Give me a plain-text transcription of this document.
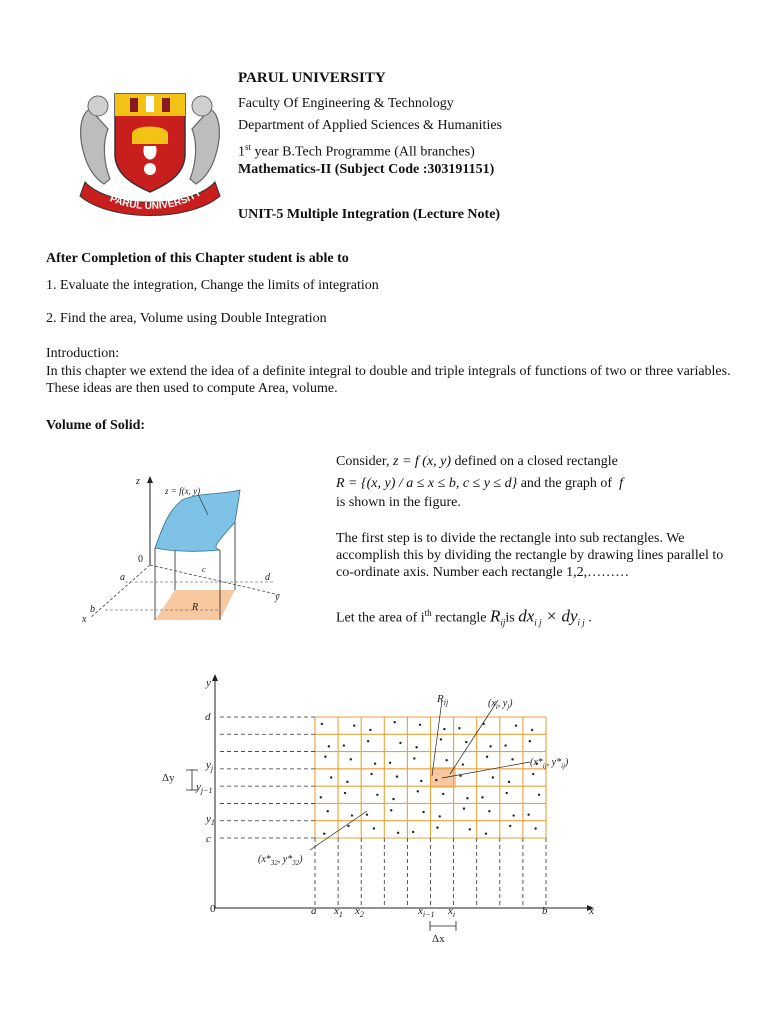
PARUL UNIVERSITY
PARUL UNIVERSITY
Faculty Of Engineering & Technology
Department of Applied Sciences & Humanities
1st year B.Tech Programme (All branches)
Mathematics-II (Subject Code :303191151)
UNIT-5 Multiple Integration (Lecture Note)
After Completion of this Chapter student is able to
1. Evaluate the integration, Change the limits of integration
2. Find the area, Volume using Double Integration
Introduction:
In this chapter we extend the idea of a definite integral to double and triple integrals of functions of two or three variables. These ideas are then used to compute Area, volume.
Volume of Solid:
Consider, z = f (x, y) defined on a closed rectangle
R = {(x, y) / a ≤ x ≤ b, c ≤ y ≤ d} and the graph of  f
is shown in the figure.
The first step is to divide the rectangle into sub rectangles. We accomplish this by dividing the rectangle by drawing lines parallel to co-ordinate axis. Number each rectangle 1,2,………
Let the area of $i^{th}$ rectangle $R_{ij}is$ $dx_{i j} \times dy_{i j}$ .
z
z = f(x, y)
0
a
b
c
d
x
y
R
y
d
$y_j$
$y_{j-1}$
$y_1$
c
Δy
0	a $x_1$ $x_2$	$x_{i-1}$ $x_i$	b	x
Δx
$R_{ij}$	($x_i$, $y_j$)
($x*_{ij}$, $y*_{ij}$)
($x*_{32}$, $y*_{32}$)
